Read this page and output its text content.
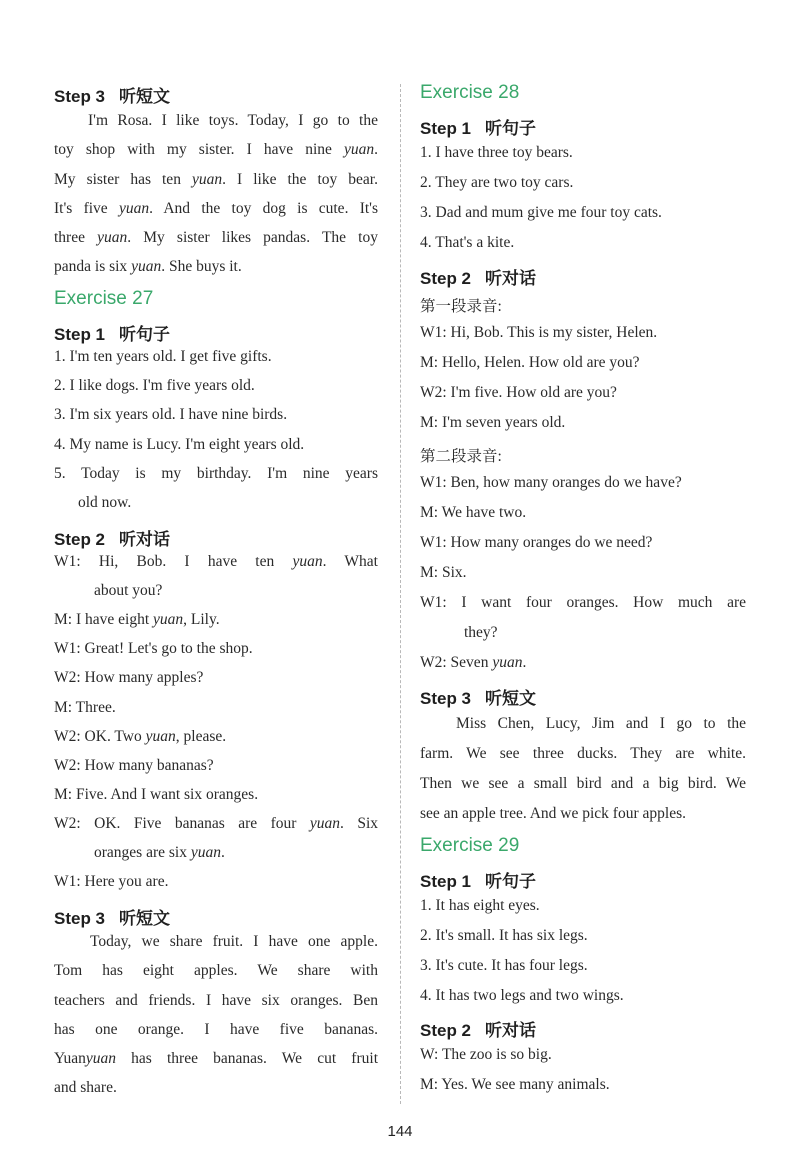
Step 3 听短文
I'm Rosa. I like toys. Today, I go to the
toy shop with my sister. I have nine yuan.
My sister has ten yuan. I like the toy bear.
It's five yuan. And the toy dog is cute. It's
three yuan. My sister likes pandas. The toy
panda is six yuan. She buys it.
Exercise 27
Step 1 听句子
1. I'm ten years old. I get five gifts.
2. I like dogs. I'm five years old.
3. I'm six years old. I have nine birds.
4. My name is Lucy. I'm eight years old.
5. Today is my birthday. I'm nine years
old now.
Step 2 听对话
W1: Hi, Bob. I have ten yuan. What
about you?
M: I have eight yuan, Lily.
W1: Great! Let's go to the shop.
W2: How many apples?
M: Three.
W2: OK. Two yuan, please.
W2: How many bananas?
M: Five. And I want six oranges.
W2: OK. Five bananas are four yuan. Six
oranges are six yuan.
W1: Here you are.
Step 3 听短文
Today, we share fruit. I have one apple.
Tom has eight apples. We share with
teachers and friends. I have six oranges. Ben
has one orange. I have five bananas.
Yuanyuan has three bananas. We cut fruit
and share.
Exercise 28
Step 1 听句子
1. I have three toy bears.
2. They are two toy cars.
3. Dad and mum give me four toy cats.
4. That's a kite.
Step 2 听对话
第一段录音:
W1: Hi, Bob. This is my sister, Helen.
M: Hello, Helen. How old are you?
W2: I'm five. How old are you?
M: I'm seven years old.
第二段录音:
W1: Ben, how many oranges do we have?
M: We have two.
W1: How many oranges do we need?
M: Six.
W1: I want four oranges. How much are
they?
W2: Seven yuan.
Step 3 听短文
Miss Chen, Lucy, Jim and I go to the
farm. We see three ducks. They are white.
Then we see a small bird and a big bird. We
see an apple tree. And we pick four apples.
Exercise 29
Step 1 听句子
1. It has eight eyes.
2. It's small. It has six legs.
3. It's cute. It has four legs.
4. It has two legs and two wings.
Step 2 听对话
W: The zoo is so big.
M: Yes. We see many animals.
144
